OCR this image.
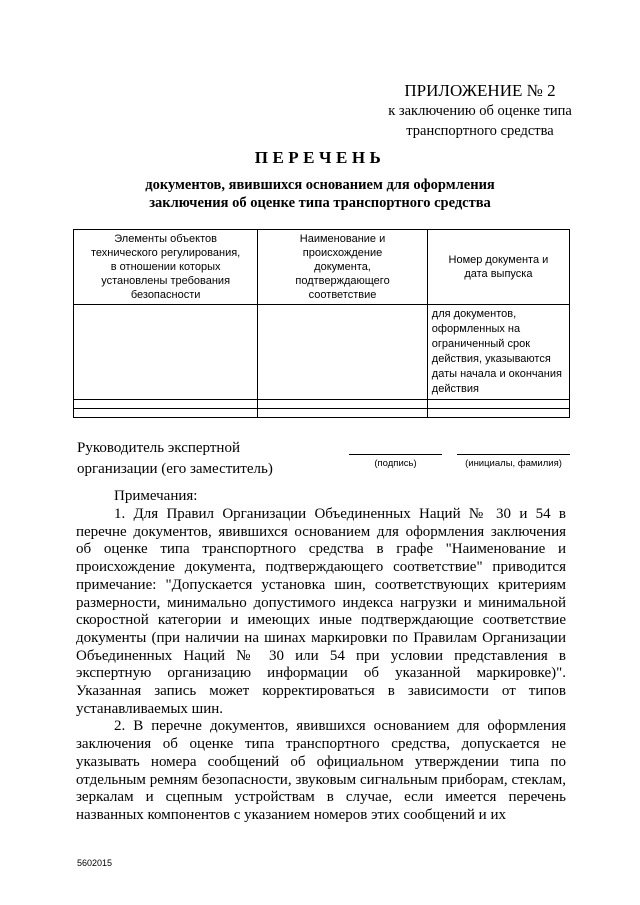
ПРИЛОЖЕНИЕ № 2
к заключению об оценке типа
транспортного средства
ПЕРЕЧЕНЬ
документов, явившихся основанием для оформления
заключения об оценке типа транспортного средства
Элементы объектов технического регулирования, в отношении которых установлены требования безопасности	Наименование и происхождение документа, подтверждающего соответствие	Номер документа и дата выпуска
		для документов, оформленных на ограниченный срок действия, указываются даты начала и окончания действия

Руководитель экспертной
организации (его заместитель)	(подпись)	(инициалы, фамилия)
Примечания:

1. Для Правил Организации Объединенных Наций № 30 и 54 в перечне документов, явившихся основанием для оформления заключения об оценке типа транспортного средства в графе "Наименование и происхождение документа, подтверждающего соответствие" приводится примечание: "Допускается установка шин, соответствующих критериям размерности, минимально допустимого индекса нагрузки и минимальной скоростной категории и имеющих иные подтверждающие соответствие документы (при наличии на шинах маркировки по Правилам Организации Объединенных Наций № 30 или 54 при условии представления в экспертную организацию информации об указанной маркировке)". Указанная запись может корректироваться в зависимости от типов устанавливаемых шин.

2. В перечне документов, явившихся основанием для оформления заключения об оценке типа транспортного средства, допускается не указывать номера сообщений об официальном утверждении типа по отдельным ремням безопасности, звуковым сигнальным приборам, стеклам, зеркалам и сцепным устройствам в случае, если имеется перечень названных компонентов с указанием номеров этих сообщений и их

5602015
